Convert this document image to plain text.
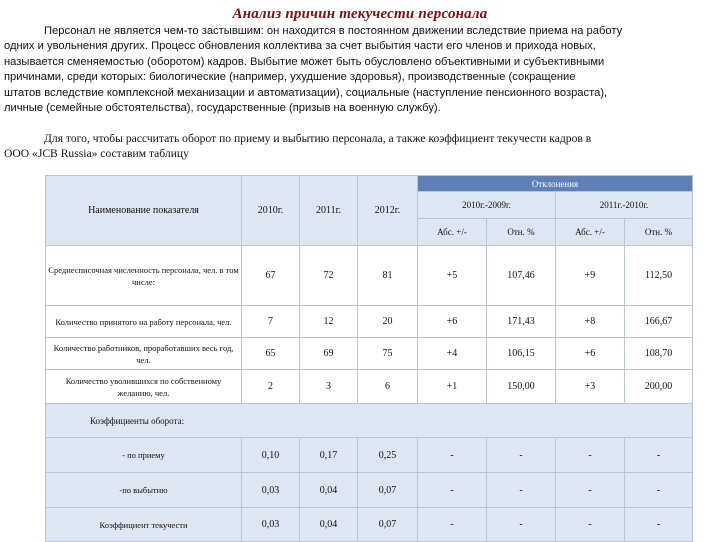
Анализ причин текучести персонала
Персонал не является чем-то застывшим: он находится в постоянном движении вследствие приема на работу
одних и увольнения других. Процесс обновления коллектива за счет выбытия части его членов и прихода новых,
называется сменяемостью (оборотом) кадров. Выбытие может быть обусловлено объективными и субъективными
причинами, среди которых: биологические (например, ухудшение здоровья), производственные (сокращение
штатов вследствие комплексной механизации и автоматизации), социальные (наступление пенсионного возраста),
личные (семейные обстоятельства), государственные (призыв на военную службу).
Для того, чтобы рассчитать оборот по приему и выбытию персонала, а также коэффициент текучести кадров в
ООО «JCB Russia» составим таблицу
Наименование показателя	2010г.	2011г.	2012г.	Отклонения			
				2010г.-2009г.		2011г.-2010г.	
				Абс. +/-	Отн. %	Абс. +/-	Отн. %
Среднесписочная численность персонала, чел. в том числе:	67	72	81	+5	107,46	+9	112,50
Количество принятого на работу персонала, чел.	7	12	20	+6	171,43	+8	166,67
Количество работников, проработавших весь год, чел.	65	69	75	+4	106,15	+6	108,70
Количество уволившихся по собственному желанию, чел.	2	3	6	+1	150,00	+3	200,00
Коэффициенты оборота:							
- по приему	0,10	0,17	0,25	-	-	-	-
-по выбытию	0,03	0,04	0,07	-	-	-	-
Коэффициент текучести	0,03	0,04	0,07	-	-	-	-
